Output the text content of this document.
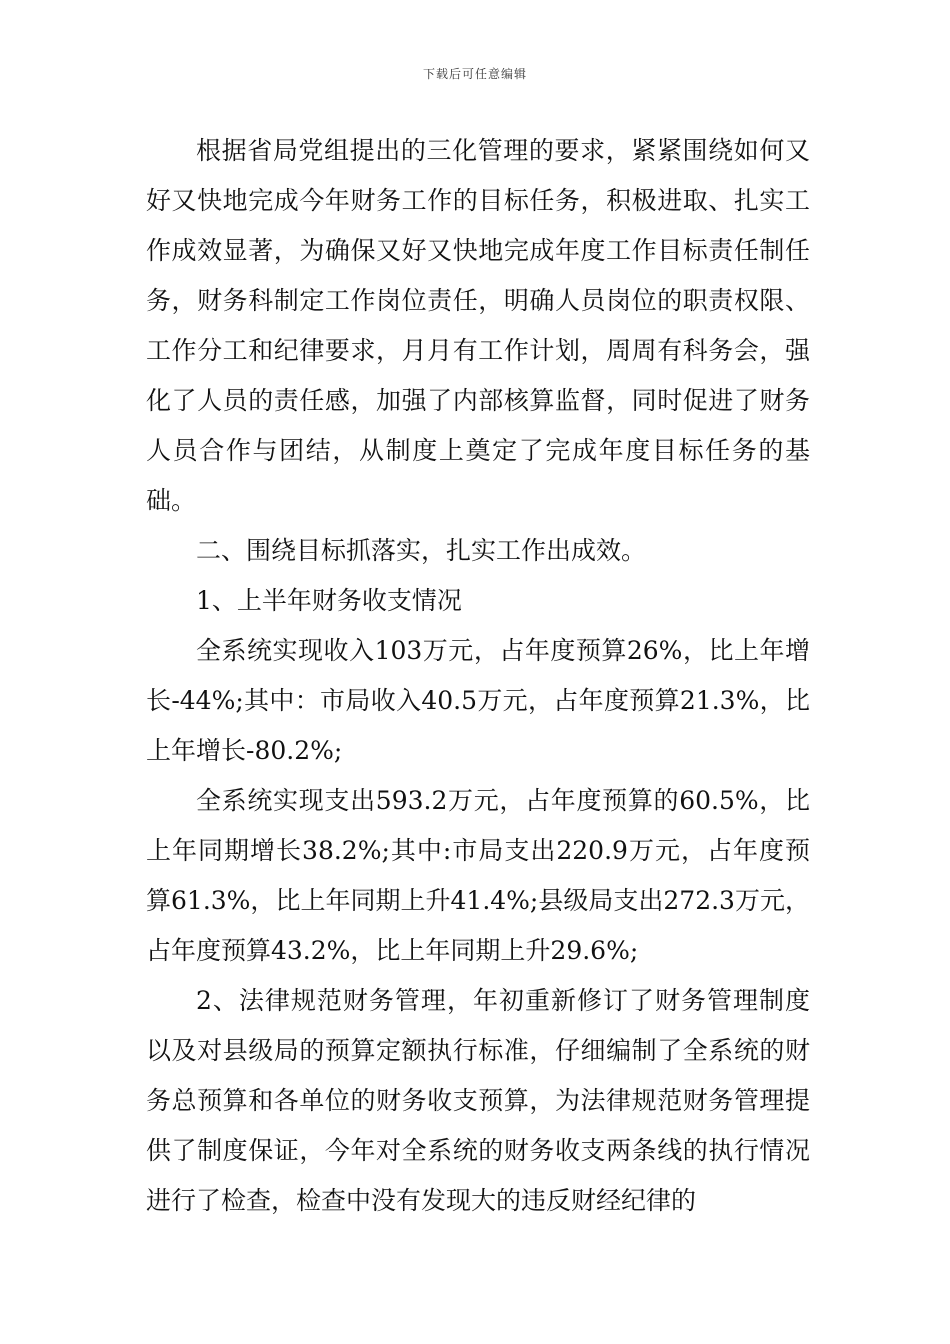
下载后可任意编辑

根据省局党组提出的三化管理的要求，紧紧围绕如何又好又快地完成今年财务工作的目标任务，积极进取、扎实工作成效显著，为确保又好又快地完成年度工作目标责任制任务，财务科制定工作岗位责任，明确人员岗位的职责权限、工作分工和纪律要求，月月有工作计划，周周有科务会，强化了人员的责任感，加强了内部核算监督，同时促进了财务人员合作与团结，从制度上奠定了完成年度目标任务的基础。

二、围绕目标抓落实，扎实工作出成效。

1、上半年财务收支情况

全系统实现收入103万元，占年度预算26%，比上年增长-44%;其中：市局收入40.5万元，占年度预算21.3%，比上年增长-80.2%;

全系统实现支出593.2万元，占年度预算的60.5%，比上年同期增长38.2%;其中:市局支出220.9万元，占年度预算61.3%，比上年同期上升41.4%;县级局支出272.3万元，占年度预算43.2%，比上年同期上升29.6%;

2、法律规范财务管理，年初重新修订了财务管理制度以及对县级局的预算定额执行标准，仔细编制了全系统的财务总预算和各单位的财务收支预算，为法律规范财务管理提供了制度保证，今年对全系统的财务收支两条线的执行情况进行了检查，检查中没有发现大的违反财经纪律的
